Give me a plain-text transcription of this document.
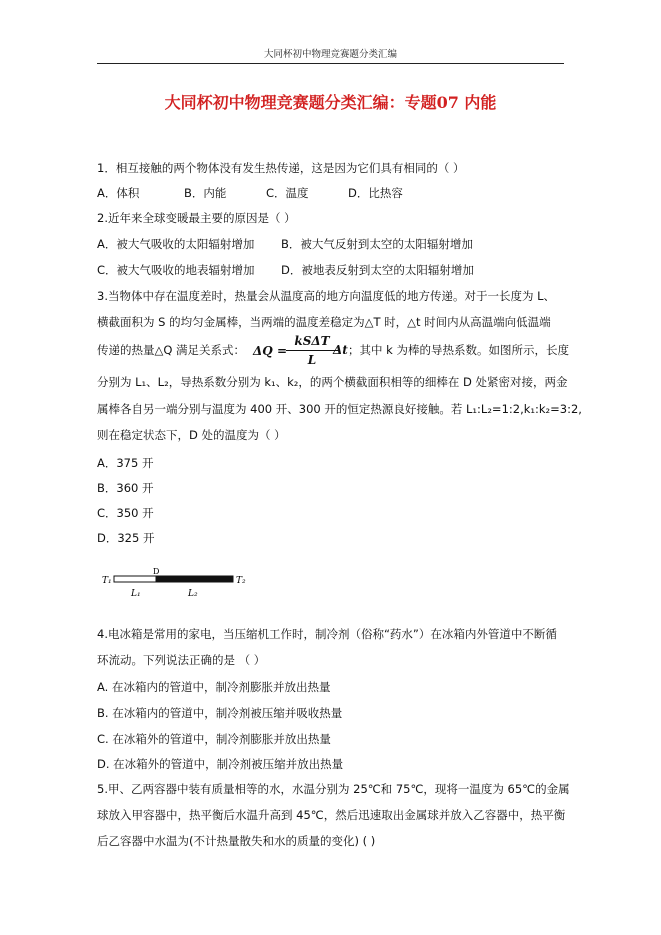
大同杯初中物理竞赛题分类汇编
大同杯初中物理竞赛题分类汇编：专题07 内能
1．相互接触的两个物体没有发生热传递，这是因为它们具有相同的（ ）
A．体积	B．内能	C．温度	D．比热容
2.近年来全球变暖最主要的原因是（ ）
A．被大气吸收的太阳辐射增加 B．被大气反射到太空的太阳辐射增加
C．被大气吸收的地表辐射增加 D．被地表反射到太空的太阳辐射增加
3.当物体中存在温度差时，热量会从温度高的地方向温度低的地方传递。对于一长度为 L、
横截面积为 S 的均匀金属棒，当两端的温度差稳定为△T 时，△t 时间内从高温端向低温端
传递的热量△Q 满足关系式： ΔQ =
kSΔT
L
Δt ；其中 k 为棒的导热系数。如图所示，长度
分别为 L₁、L₂，导热系数分别为 k₁、k₂，的两个横截面积相等的细棒在 D 处紧密对接，两金
属棒各自另一端分别与温度为 400 开、300 开的恒定热源良好接触。若 L₁:L₂=1:2,k₁:k₂=3:2,
则在稳定状态下，D 处的温度为（ ）
A．375 开
B．360 开
C．350 开
D．325 开
T₁
D
T₂
L₁	L₂
4.电冰箱是常用的家电，当压缩机工作时，制冷剂（俗称“药水”）在冰箱内外管道中不断循
环流动。下列说法正确的是 （ ）
A. 在冰箱内的管道中，制冷剂膨胀并放出热量
B. 在冰箱内的管道中，制冷剂被压缩并吸收热量
C. 在冰箱外的管道中，制冷剂膨胀并放出热量
D. 在冰箱外的管道中，制冷剂被压缩并放出热量
5.甲、乙两容器中装有质量相等的水，水温分别为 25℃和 75℃，现将一温度为 65℃的金属
球放入甲容器中，热平衡后水温升高到 45℃，然后迅速取出金属球并放入乙容器中，热平衡
后乙容器中水温为(不计热量散失和水的质量的变化) ( )
